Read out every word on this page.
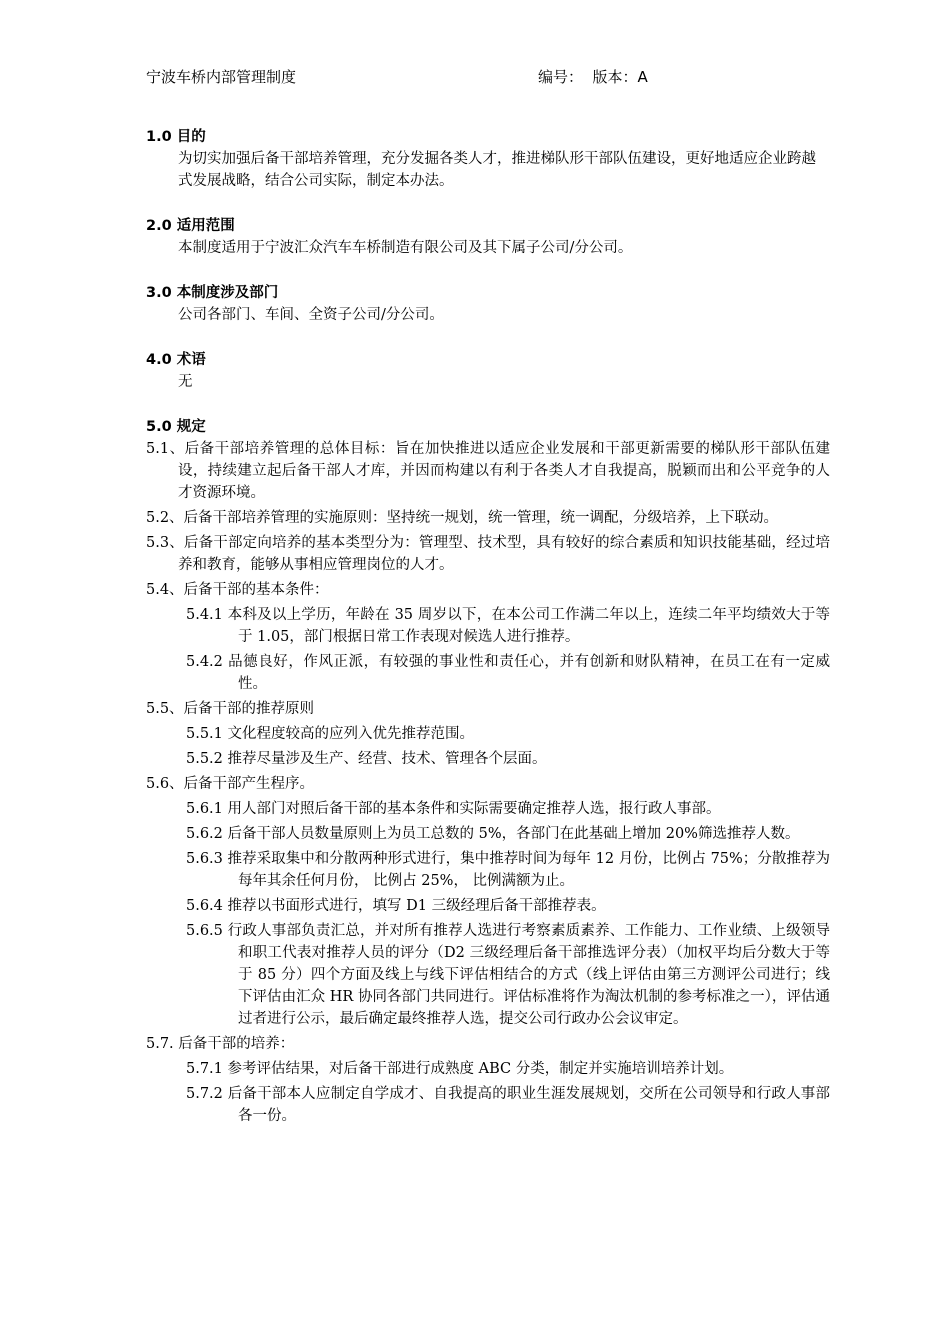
宁波车桥内部管理制度	编号：  版本：A
1.0 目的
为切实加强后备干部培养管理，充分发掘各类人才，推进梯队形干部队伍建设，更好地适应企业跨越式发展战略，结合公司实际，制定本办法。
2.0 适用范围
本制度适用于宁波汇众汽车车桥制造有限公司及其下属子公司/分公司。
3.0 本制度涉及部门
公司各部门、车间、全资子公司/分公司。
4.0 术语
无
5.0 规定
5.1、后备干部培养管理的总体目标：旨在加快推进以适应企业发展和干部更新需要的梯队形干部队伍建设，持续建立起后备干部人才库，并因而构建以有利于各类人才自我提高，脱颖而出和公平竞争的人才资源环境。
5.2、后备干部培养管理的实施原则：坚持统一规划，统一管理，统一调配，分级培养，上下联动。
5.3、后备干部定向培养的基本类型分为：管理型、技术型，具有较好的综合素质和知识技能基础，经过培养和教育，能够从事相应管理岗位的人才。
5.4、后备干部的基本条件：
5.4.1 本科及以上学历，年龄在 35 周岁以下，在本公司工作满二年以上，连续二年平均绩效大于等于 1.05，部门根据日常工作表现对候选人进行推荐。
5.4.2 品德良好，作风正派，有较强的事业性和责任心，并有创新和财队精神，在员工在有一定威性。
5.5、后备干部的推荐原则
5.5.1 文化程度较高的应列入优先推荐范围。
5.5.2 推荐尽量涉及生产、经营、技术、管理各个层面。
5.6、后备干部产生程序。
5.6.1 用人部门对照后备干部的基本条件和实际需要确定推荐人选，报行政人事部。
5.6.2 后备干部人员数量原则上为员工总数的 5%，各部门在此基础上增加 20%筛选推荐人数。
5.6.3 推荐采取集中和分散两种形式进行，集中推荐时间为每年 12 月份，比例占 75%；分散推荐为每年其余任何月份， 比例占 25%， 比例满额为止。
5.6.4 推荐以书面形式进行，填写 D1 三级经理后备干部推荐表。
5.6.5 行政人事部负责汇总，并对所有推荐人选进行考察素质素养、工作能力、工作业绩、上级领导和职工代表对推荐人员的评分（D2 三级经理后备干部推选评分表）（加权平均后分数大于等于 85 分）四个方面及线上与线下评估相结合的方式（线上评估由第三方测评公司进行；线下评估由汇众 HR 协同各部门共同进行。评估标准将作为淘汰机制的参考标准之一），评估通过者进行公示，最后确定最终推荐人选，提交公司行政办公会议审定。
5.7. 后备干部的培养：
5.7.1 参考评估结果，对后备干部进行成熟度 ABC 分类，制定并实施培训培养计划。
5.7.2 后备干部本人应制定自学成才、自我提高的职业生涯发展规划，交所在公司领导和行政人事部各一份。
